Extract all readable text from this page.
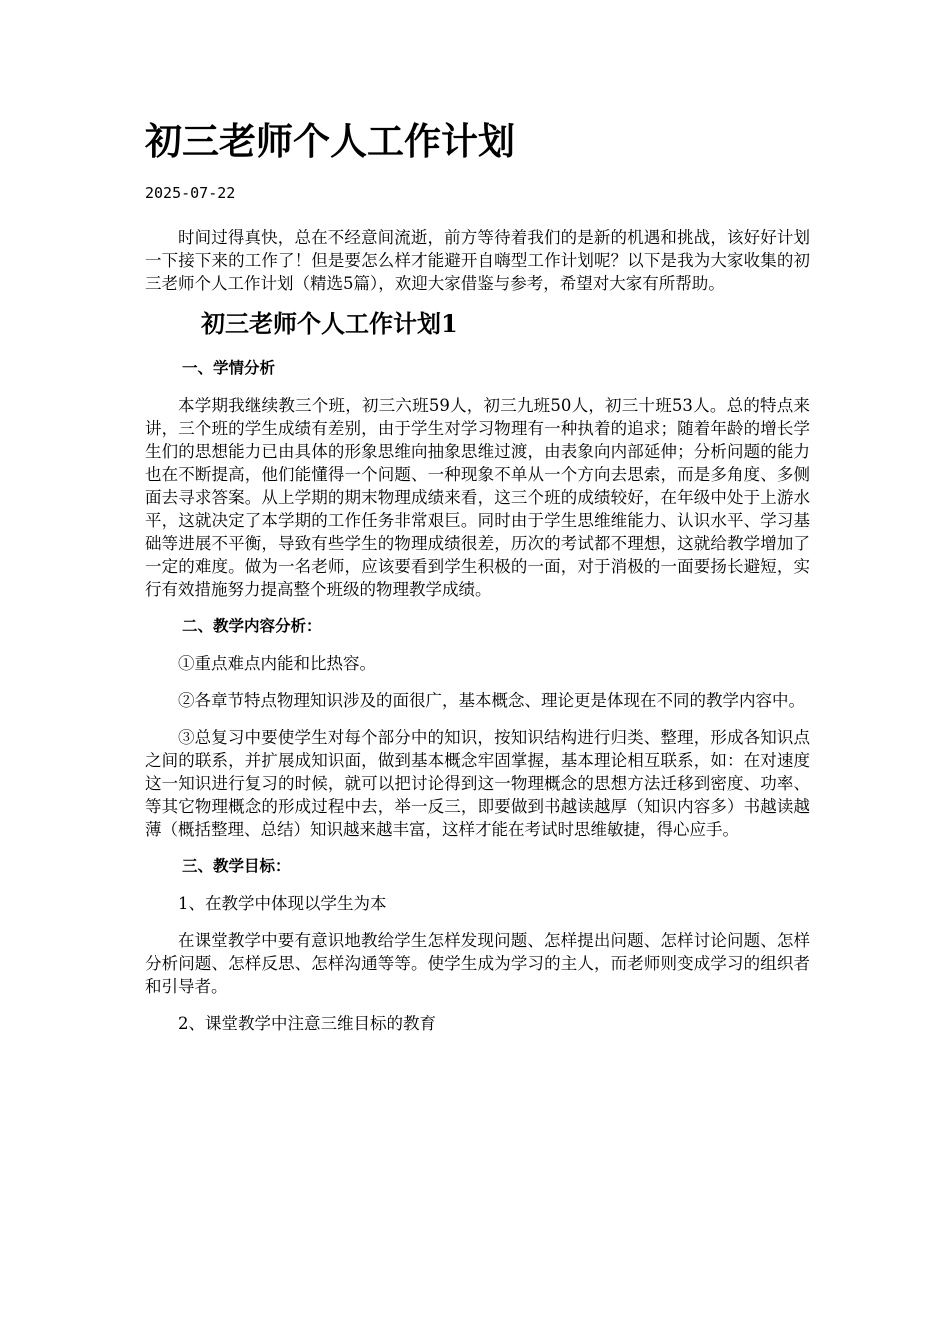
初三老师个人工作计划
2025-07-22

时间过得真快，总在不经意间流逝，前方等待着我们的是新的机遇和挑战，该好好计划一下接下来的工作了！但是要怎么样才能避开自嗨型工作计划呢？以下是我为大家收集的初三老师个人工作计划（精选5篇），欢迎大家借鉴与参考，希望对大家有所帮助。

初三老师个人工作计划1
一、学情分析

本学期我继续教三个班，初三六班59人，初三九班50人，初三十班53人。总的特点来讲，三个班的学生成绩有差别，由于学生对学习物理有一种执着的追求；随着年龄的增长学生们的思想能力已由具体的形象思维向抽象思维过渡，由表象向内部延伸；分析问题的能力也在不断提高，他们能懂得一个问题、一种现象不单从一个方向去思索，而是多角度、多侧面去寻求答案。从上学期的期末物理成绩来看，这三个班的成绩较好，在年级中处于上游水平，这就决定了本学期的工作任务非常艰巨。同时由于学生思维维能力、认识水平、学习基础等进展不平衡，导致有些学生的物理成绩很差，历次的考试都不理想，这就给教学增加了一定的难度。做为一名老师，应该要看到学生积极的一面，对于消极的一面要扬长避短，实行有效措施努力提高整个班级的物理教学成绩。

二、教学内容分析：

①重点难点内能和比热容。

②各章节特点物理知识涉及的面很广，基本概念、理论更是体现在不同的教学内容中。

③总复习中要使学生对每个部分中的知识，按知识结构进行归类、整理，形成各知识点之间的联系，并扩展成知识面，做到基本概念牢固掌握，基本理论相互联系，如：在对速度这一知识进行复习的时候，就可以把讨论得到这一物理概念的思想方法迁移到密度、功率、等其它物理概念的形成过程中去，举一反三，即要做到书越读越厚（知识内容多）书越读越薄（概括整理、总结）知识越来越丰富，这样才能在考试时思维敏捷，得心应手。

三、教学目标：

1、在教学中体现以学生为本

在课堂教学中要有意识地教给学生怎样发现问题、怎样提出问题、怎样讨论问题、怎样分析问题、怎样反思、怎样沟通等等。使学生成为学习的主人，而老师则变成学习的组织者和引导者。

2、课堂教学中注意三维目标的教育
